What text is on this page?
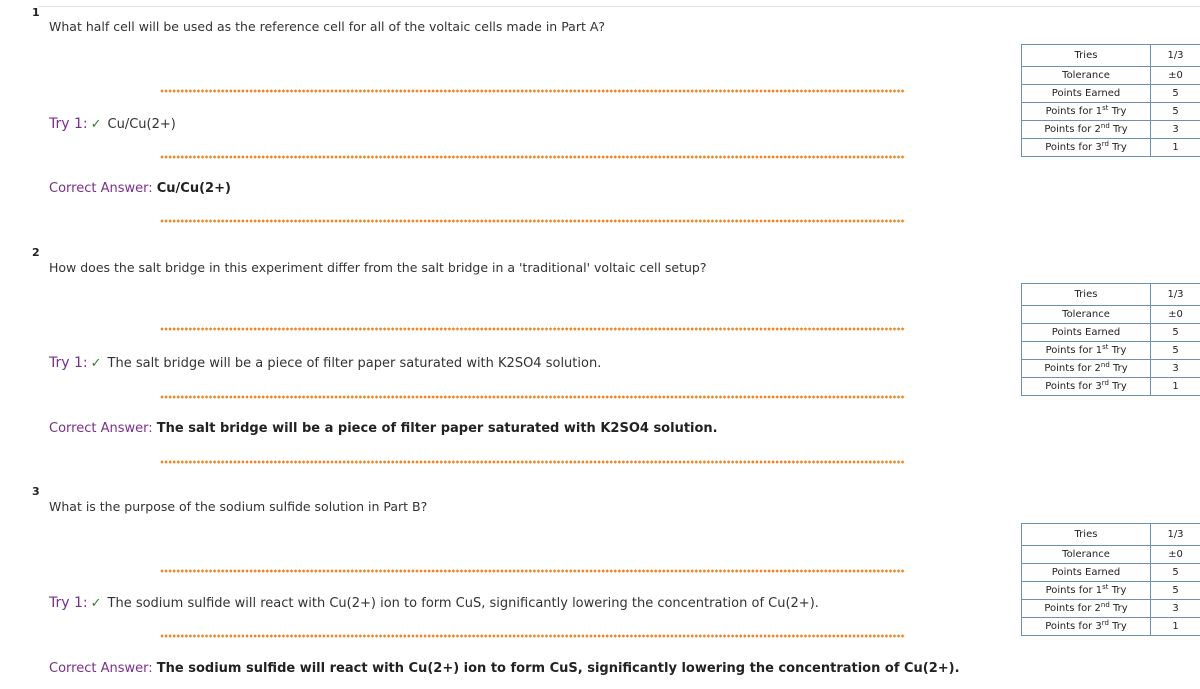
1
What half cell will be used as the reference cell for all of the voltaic cells made in Part A?
Try 1: ✓ Cu/Cu(2+)
Correct Answer: Cu/Cu(2+)
Tries	1/3
Tolerance	±0
Points Earned	5
Points for 1st Try	5
Points for 2nd Try	3
Points for 3rd Try	1
2
How does the salt bridge in this experiment differ from the salt bridge in a 'traditional' voltaic cell setup?
Try 1: ✓ The salt bridge will be a piece of filter paper saturated with K2SO4 solution.
Correct Answer: The salt bridge will be a piece of filter paper saturated with K2SO4 solution.
Tries	1/3
Tolerance	±0
Points Earned	5
Points for 1st Try	5
Points for 2nd Try	3
Points for 3rd Try	1
3
What is the purpose of the sodium sulfide solution in Part B?
Try 1: ✓ The sodium sulfide will react with Cu(2+) ion to form CuS, significantly lowering the concentration of Cu(2+).
Correct Answer: The sodium sulfide will react with Cu(2+) ion to form CuS, significantly lowering the concentration of Cu(2+).
Tries	1/3
Tolerance	±0
Points Earned	5
Points for 1st Try	5
Points for 2nd Try	3
Points for 3rd Try	1
